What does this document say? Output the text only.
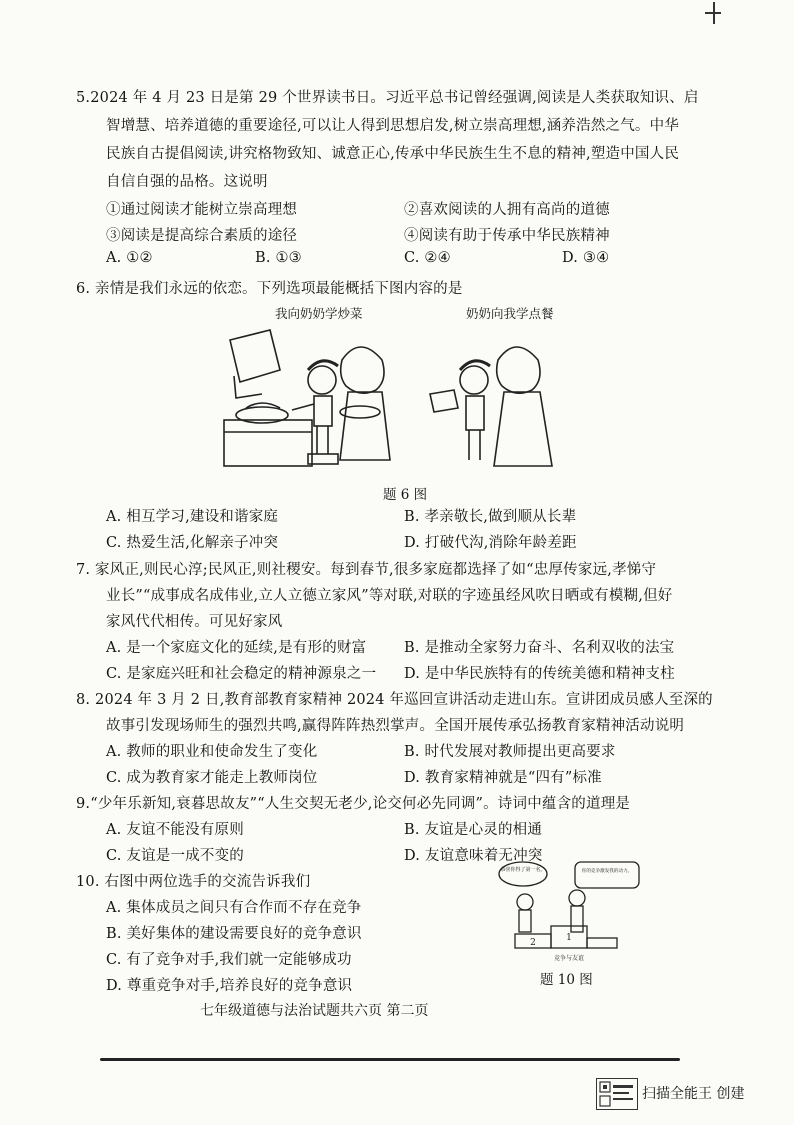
5.2024 年 4 月 23 日是第 29 个世界读书日。习近平总书记曾经强调,阅读是人类获取知识、启
智增慧、培养道德的重要途径,可以让人得到思想启发,树立崇高理想,涵养浩然之气。中华
民族自古提倡阅读,讲究格物致知、诚意正心,传承中华民族生生不息的精神,塑造中国人民
自信自强的品格。这说明
①通过阅读才能树立崇高理想	②喜欢阅读的人拥有高尚的道德
③阅读是提高综合素质的途径	④阅读有助于传承中华民族精神
A. ①②	B. ①③	C. ②④	D. ③④
6. 亲情是我们永远的依恋。下列选项最能概括下图内容的是
我向奶奶学炒菜	奶奶向我学点餐
题 6 图
A. 相互学习,建设和谐家庭	B. 孝亲敬长,做到顺从长辈
C. 热爱生活,化解亲子冲突	D. 打破代沟,消除年龄差距
7. 家风正,则民心淳;民风正,则社稷安。每到春节,很多家庭都选择了如“忠厚传家远,孝悌守
业长”“成事成名成伟业,立人立德立家风”等对联,对联的字迹虽经风吹日晒或有模糊,但好
家风代代相传。可见好家风
A. 是一个家庭文化的延续,是有形的财富	B. 是推动全家努力奋斗、名利双收的法宝
C. 是家庭兴旺和社会稳定的精神源泉之一 D. 是中华民族特有的传统美德和精神支柱
8. 2024 年 3 月 2 日,教育部教育家精神 2024 年巡回宣讲活动走进山东。宣讲团成员感人至深的
故事引发现场师生的强烈共鸣,赢得阵阵热烈掌声。全国开展传承弘扬教育家精神活动说明
A. 教师的职业和使命发生了变化	B. 时代发展对教师提出更高要求
C. 成为教育家才能走上教师岗位	D. 教育家精神就是“四有”标准
9.“少年乐新知,衰暮思故友”“人生交契无老少,论交何必先同调”。诗词中蕴含的道理是
A. 友谊不能没有原则	B. 友谊是心灵的相通
C. 友谊是一成不变的	D. 友谊意味着无冲突
10. 右图中两位选手的交流告诉我们
A. 集体成员之间只有合作而不存在竞争
B. 美好集体的建设需要良好的竞争意识
C. 有了竞争对手,我们就一定能够成功
D. 尊重竞争对手,培养良好的竞争意识
恭喜你得了第一名。	你的竞争激发我的动力。
2	1
竞争与友谊
题 10 图
七年级道德与法治试题共六页 第二页
扫描全能王 创建
